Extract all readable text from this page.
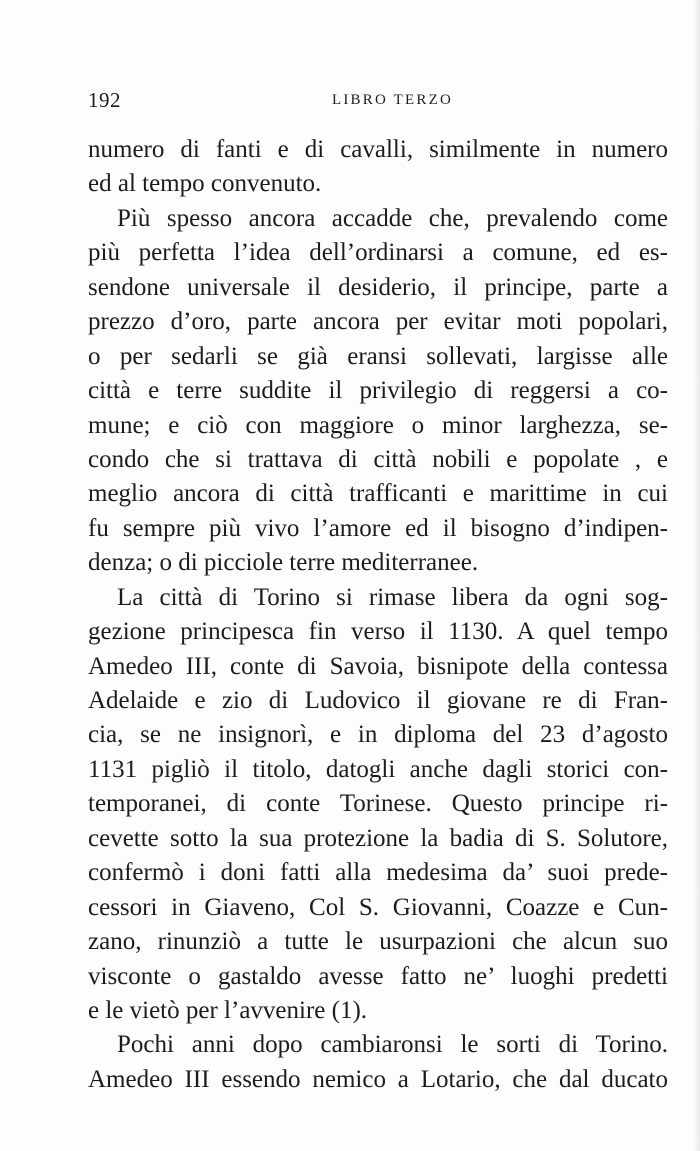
192	LIBRO TERZO
numero di fanti e di cavalli, similmente in numero
ed al tempo convenuto.
Più spesso ancora accadde che, prevalendo come
più perfetta l’idea dell’ordinarsi a comune, ed es-
sendone universale il desiderio, il principe, parte a
prezzo d’oro, parte ancora per evitar moti popolari,
o per sedarli se già eransi sollevati, largisse alle
città e terre suddite il privilegio di reggersi a co-
mune; e ciò con maggiore o minor larghezza, se-
condo che si trattava di città nobili e popolate , e
meglio ancora di città trafficanti e marittime in cui
fu sempre più vivo l’amore ed il bisogno d’indipen-
denza; o di picciole terre mediterranee.
La città di Torino si rimase libera da ogni sog-
gezione principesca fin verso il 1130. A quel tempo
Amedeo III, conte di Savoia, bisnipote della contessa
Adelaide e zio di Ludovico il giovane re di Fran-
cia, se ne insignorì, e in diploma del 23 d’agosto
1131 pigliò il titolo, datogli anche dagli storici con-
temporanei, di conte Torinese. Questo principe ri-
cevette sotto la sua protezione la badia di S. Solutore,
confermò i doni fatti alla medesima da’ suoi prede-
cessori in Giaveno, Col S. Giovanni, Coazze e Cun-
zano, rinunziò a tutte le usurpazioni che alcun suo
visconte o gastaldo avesse fatto ne’ luoghi predetti
e le vietò per l’avvenire (1).
Pochi anni dopo cambiaronsi le sorti di Torino.
Amedeo III essendo nemico a Lotario, che dal ducato
